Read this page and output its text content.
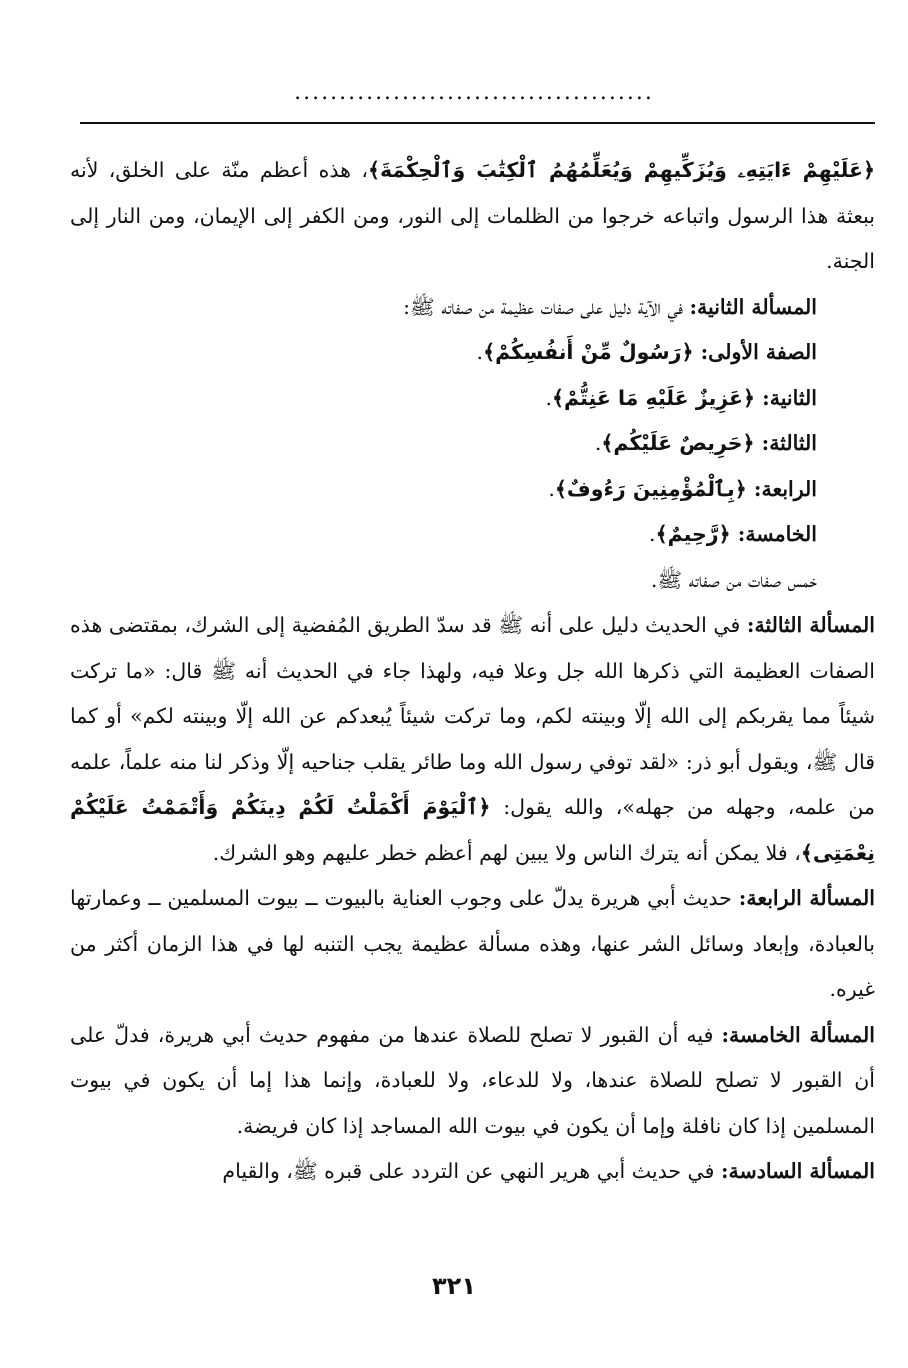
........................................

﴿عَلَيْهِمْ ءَايَتِهِۦ وَيُزَكِّيهِمْ وَيُعَلِّمُهُمُ ٱلْكِتَٰبَ وَٱلْحِكْمَةَ﴾، هذه أعظم منّة على الخلق، لأنه ببعثة هذا الرسول واتباعه خرجوا من الظلمات إلى النور، ومن الكفر إلى الإيمان، ومن النار إلى الجنة.

المسألة الثانية: في الآية دليل على صفات عظيمة من صفاته ﷺ:

الصفة الأولى: ﴿رَسُولٌ مِّنْ أَنفُسِكُمْ﴾.

الثانية: ﴿عَزِيزٌ عَلَيْهِ مَا عَنِتُّمْ﴾.

الثالثة: ﴿حَرِيصٌ عَلَيْكُم﴾.

الرابعة: ﴿بِٱلْمُؤْمِنِينَ رَءُوفٌ﴾.

الخامسة: ﴿رَّحِيمٌ﴾.

خمس صفات من صفاته ﷺ.

المسألة الثالثة: في الحديث دليل على أنه ﷺ قد سدّ الطريق المُفضية إلى الشرك، بمقتضى هذه الصفات العظيمة التي ذكرها الله جل وعلا فيه، ولهذا جاء في الحديث أنه ﷺ قال: «ما تركت شيئاً مما يقربكم إلى الله إلّا وبينته لكم، وما تركت شيئاً يُبعدكم عن الله إلّا وبينته لكم» أو كما قال ﷺ، ويقول أبو ذر: «لقد توفي رسول الله وما طائر يقلب جناحيه إلّا وذكر لنا منه علماً، علمه من علمه، وجهله من جهله»، والله يقول: ﴿ٱلْيَوْمَ أَكْمَلْتُ لَكُمْ دِينَكُمْ وَأَتْمَمْتُ عَلَيْكُمْ نِعْمَتِى﴾، فلا يمكن أنه يترك الناس ولا يبين لهم أعظم خطر عليهم وهو الشرك.

المسألة الرابعة: حديث أبي هريرة يدلّ على وجوب العناية بالبيوت ــ بيوت المسلمين ــ وعمارتها بالعبادة، وإبعاد وسائل الشر عنها، وهذه مسألة عظيمة يجب التنبه لها في هذا الزمان أكثر من غيره.

المسألة الخامسة: فيه أن القبور لا تصلح للصلاة عندها من مفهوم حديث أبي هريرة، فدلّ على أن القبور لا تصلح للصلاة عندها، ولا للدعاء، ولا للعبادة، وإنما هذا إما أن يكون في بيوت المسلمين إذا كان نافلة وإما أن يكون في بيوت الله المساجد إذا كان فريضة.

المسألة السادسة: في حديث أبي هرير النهي عن التردد على قبره ﷺ، والقيام

٣٢١
